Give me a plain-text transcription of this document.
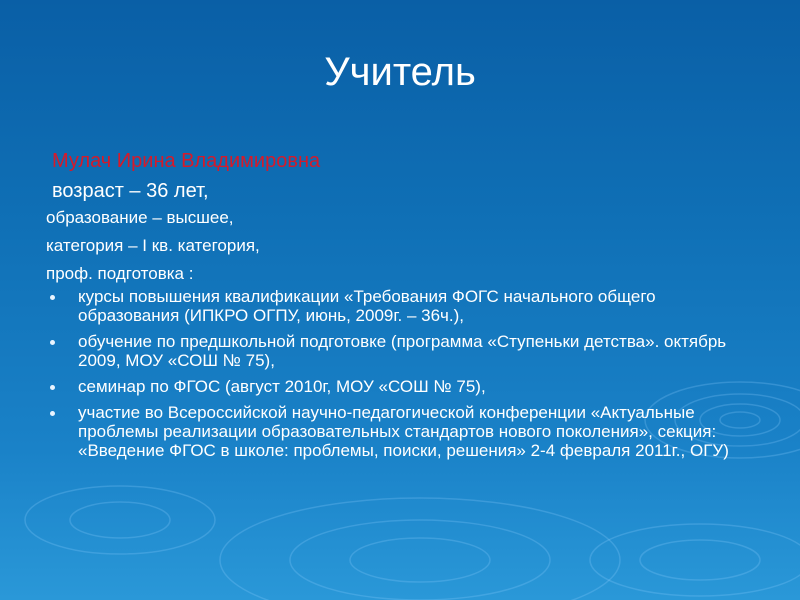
Учитель
Мулач Ирина Владимировна
возраст – 36 лет,
образование – высшее,
категория – I кв. категория,
проф. подготовка :
курсы повышения квалификации «Требования ФОГС начального общего образования (ИПКРО ОГПУ, июнь, 2009г. – 36ч.),
обучение по предшкольной подготовке (программа «Ступеньки детства». октябрь 2009, МОУ «СОШ № 75),
семинар по ФГОС (август 2010г, МОУ «СОШ № 75),
участие во Всероссийской научно-педагогической конференции «Актуальные проблемы реализации образовательных стандартов нового поколения», секция: «Введение ФГОС в школе: проблемы, поиски, решения» 2-4 февраля 2011г., ОГУ)
